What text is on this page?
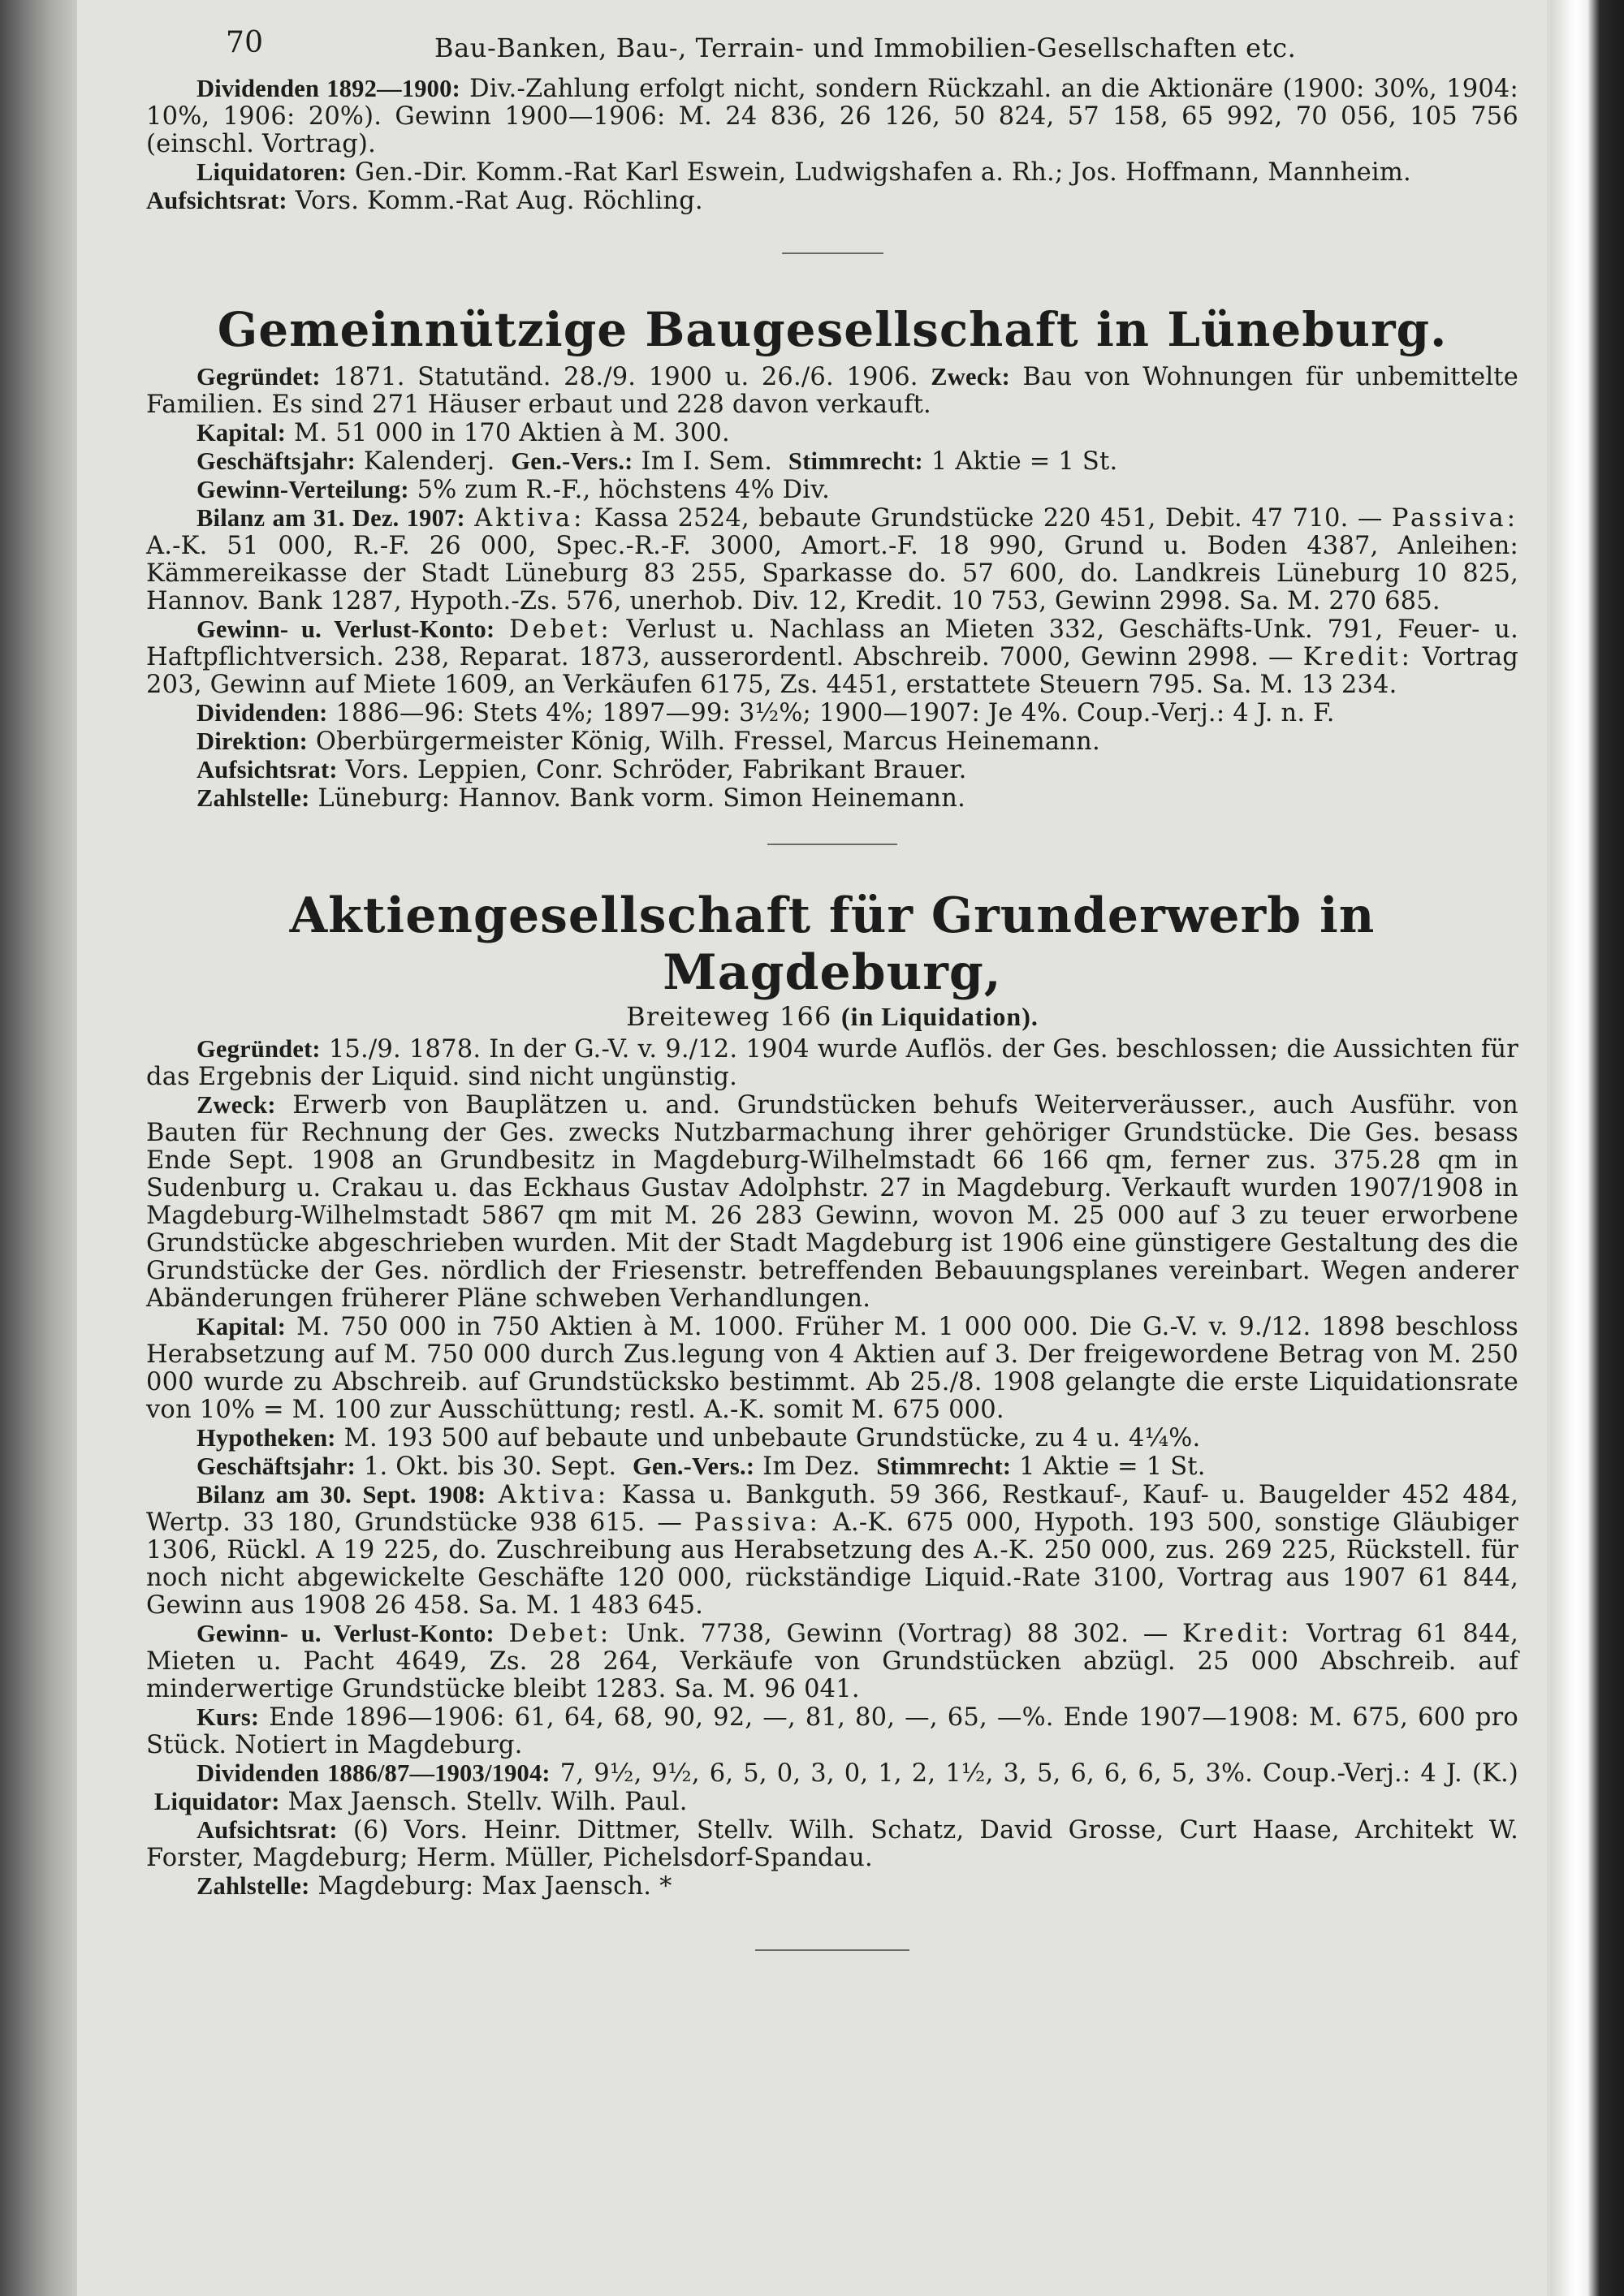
70	Bau-Banken, Bau-, Terrain- und Immobilien-Gesellschaften etc.

Dividenden 1892—1900: Div.-Zahlung erfolgt nicht, sondern Rückzahl. an die Aktionäre (1900: 30%, 1904: 10%, 1906: 20%). Gewinn 1900—1906: M. 24 836, 26 126, 50 824, 57 158, 65 992, 70 056, 105 756 (einschl. Vortrag).

Liquidatoren: Gen.-Dir. Komm.-Rat Karl Eswein, Ludwigshafen a. Rh.; Jos. Hoffmann, Mannheim. Aufsichtsrat: Vors. Komm.-Rat Aug. Röchling.

Gemeinnützige Baugesellschaft in Lüneburg.

Gegründet: 1871. Statutänd. 28./9. 1900 u. 26./6. 1906. Zweck: Bau von Wohnungen für unbemittelte Familien. Es sind 271 Häuser erbaut und 228 davon verkauft.

Kapital: M. 51 000 in 170 Aktien à M. 300.

Geschäftsjahr: Kalenderj. Gen.-Vers.: Im I. Sem. Stimmrecht: 1 Aktie = 1 St.

Gewinn-Verteilung: 5% zum R.-F., höchstens 4% Div.

Bilanz am 31. Dez. 1907: Aktiva: Kassa 2524, bebaute Grundstücke 220 451, Debit. 47 710. — Passiva: A.-K. 51 000, R.-F. 26 000, Spec.-R.-F. 3000, Amort.-F. 18 990, Grund u. Boden 4387, Anleihen: Kämmereikasse der Stadt Lüneburg 83 255, Sparkasse do. 57 600, do. Landkreis Lüneburg 10 825, Hannov. Bank 1287, Hypoth.-Zs. 576, unerhob. Div. 12, Kredit. 10 753, Gewinn 2998. Sa. M. 270 685.

Gewinn- u. Verlust-Konto: Debet: Verlust u. Nachlass an Mieten 332, Geschäfts-Unk. 791, Feuer- u. Haftpflichtversich. 238, Reparat. 1873, ausserordentl. Abschreib. 7000, Gewinn 2998. — Kredit: Vortrag 203, Gewinn auf Miete 1609, an Verkäufen 6175, Zs. 4451, erstattete Steuern 795. Sa. M. 13 234.

Dividenden: 1886—96: Stets 4%; 1897—99: 3½%; 1900—1907: Je 4%. Coup.-Verj.: 4 J. n. F.

Direktion: Oberbürgermeister König, Wilh. Fressel, Marcus Heinemann.

Aufsichtsrat: Vors. Leppien, Conr. Schröder, Fabrikant Brauer.

Zahlstelle: Lüneburg: Hannov. Bank vorm. Simon Heinemann.

Aktiengesellschaft für Grunderwerb in Magdeburg,
Breiteweg 166 (in Liquidation).

Gegründet: 15./9. 1878. In der G.-V. v. 9./12. 1904 wurde Auflös. der Ges. beschlossen; die Aussichten für das Ergebnis der Liquid. sind nicht ungünstig.

Zweck: Erwerb von Bauplätzen u. and. Grundstücken behufs Weiterveräusser., auch Ausführ. von Bauten für Rechnung der Ges. zwecks Nutzbarmachung ihrer gehöriger Grundstücke. Die Ges. besass Ende Sept. 1908 an Grundbesitz in Magdeburg-Wilhelmstadt 66 166 qm, ferner zus. 375.28 qm in Sudenburg u. Crakau u. das Eckhaus Gustav Adolphstr. 27 in Magdeburg. Verkauft wurden 1907/1908 in Magdeburg-Wilhelmstadt 5867 qm mit M. 26 283 Gewinn, wovon M. 25 000 auf 3 zu teuer erworbene Grundstücke abgeschrieben wurden. Mit der Stadt Magdeburg ist 1906 eine günstigere Gestaltung des die Grundstücke der Ges. nördlich der Friesenstr. betreffenden Bebauungsplanes vereinbart. Wegen anderer Abänderungen früherer Pläne schweben Verhandlungen.

Kapital: M. 750 000 in 750 Aktien à M. 1000. Früher M. 1 000 000. Die G.-V. v. 9./12. 1898 beschloss Herabsetzung auf M. 750 000 durch Zus.legung von 4 Aktien auf 3. Der freigewordene Betrag von M. 250 000 wurde zu Abschreib. auf Grundstücksko bestimmt. Ab 25./8. 1908 gelangte die erste Liquidationsrate von 10% = M. 100 zur Ausschüttung; restl. A.-K. somit M. 675 000.

Hypotheken: M. 193 500 auf bebaute und unbebaute Grundstücke, zu 4 u. 4¼%.

Geschäftsjahr: 1. Okt. bis 30. Sept. Gen.-Vers.: Im Dez. Stimmrecht: 1 Aktie = 1 St.

Bilanz am 30. Sept. 1908: Aktiva: Kassa u. Bankguth. 59 366, Restkauf-, Kauf- u. Baugelder 452 484, Wertp. 33 180, Grundstücke 938 615. — Passiva: A.-K. 675 000, Hypoth. 193 500, sonstige Gläubiger 1306, Rückl. A 19 225, do. Zuschreibung aus Herabsetzung des A.-K. 250 000, zus. 269 225, Rückstell. für noch nicht abgewickelte Geschäfte 120 000, rückständige Liquid.-Rate 3100, Vortrag aus 1907 61 844, Gewinn aus 1908 26 458. Sa. M. 1 483 645.

Gewinn- u. Verlust-Konto: Debet: Unk. 7738, Gewinn (Vortrag) 88 302. — Kredit: Vortrag 61 844, Mieten u. Pacht 4649, Zs. 28 264, Verkäufe von Grundstücken abzügl. 25 000 Abschreib. auf minderwertige Grundstücke bleibt 1283. Sa. M. 96 041.

Kurs: Ende 1896—1906: 61, 64, 68, 90, 92, —, 81, 80, —, 65, —%. Ende 1907—1908: M. 675, 600 pro Stück. Notiert in Magdeburg.

Dividenden 1886/87—1903/1904: 7, 9½, 9½, 6, 5, 0, 3, 0, 1, 2, 1½, 3, 5, 6, 6, 6, 5, 3%. Coup.-Verj.: 4 J. (K.)  Liquidator: Max Jaensch. Stellv. Wilh. Paul.

Aufsichtsrat: (6) Vors. Heinr. Dittmer, Stellv. Wilh. Schatz, David Grosse, Curt Haase, Architekt W. Forster, Magdeburg; Herm. Müller, Pichelsdorf-Spandau.

Zahlstelle: Magdeburg: Max Jaensch. *
